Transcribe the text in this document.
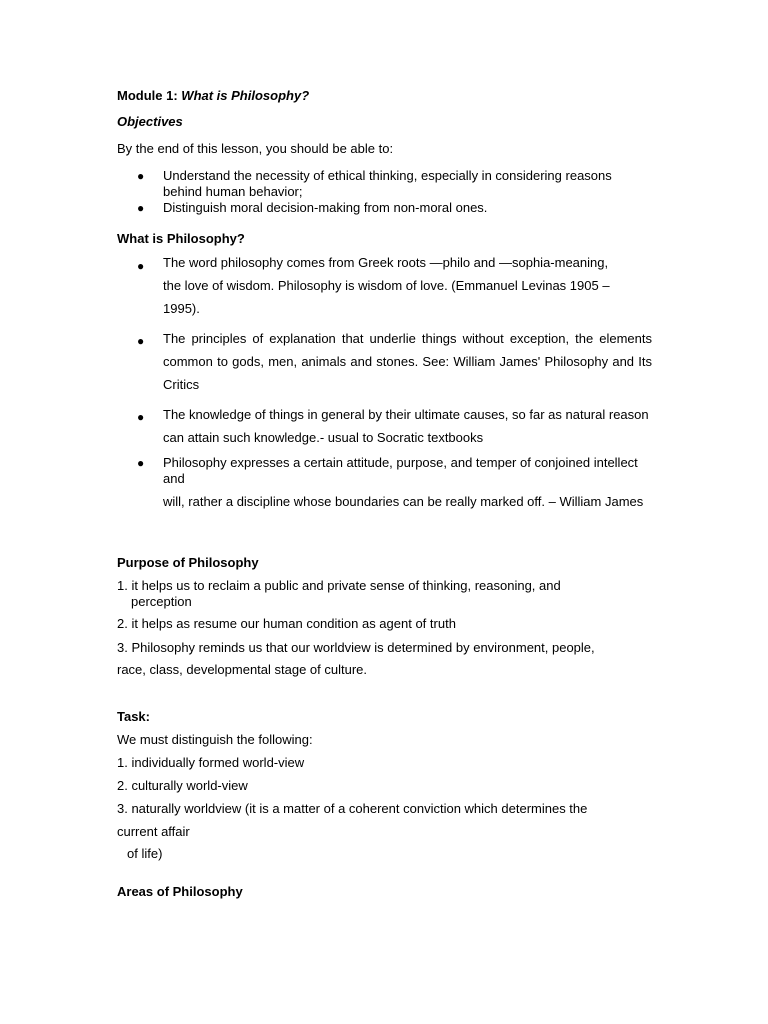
Module 1: What is Philosophy?
Objectives
By the end of this lesson, you should be able to:
● Understand the necessity of ethical thinking, especially in considering reasons behind human behavior;
● Distinguish moral decision-making from non-moral ones.
What is Philosophy?
● The word philosophy comes from Greek roots —philo and —sophia-meaning, the love of wisdom. Philosophy is wisdom of love. (Emmanuel Levinas 1905 – 1995).
● The principles of explanation that underlie things without exception, the elements common to gods, men, animals and stones. See: William James' Philosophy and Its Critics
● The knowledge of things in general by their ultimate causes, so far as natural reason can attain such knowledge.- usual to Socratic textbooks
● Philosophy expresses a certain attitude, purpose, and temper of conjoined intellect and
will, rather a discipline whose boundaries can be really marked off. – William James
Purpose of Philosophy
1. it helps us to reclaim a public and private sense of thinking, reasoning, and
perception
2. it helps as resume our human condition as agent of truth
3. Philosophy reminds us that our worldview is determined by environment, people,
race, class, developmental stage of culture.
Task:
We must distinguish the following:
1. individually formed world-view
2. culturally world-view
3. naturally worldview (it is a matter of a coherent conviction which determines the
current affair
of life)
Areas of Philosophy
